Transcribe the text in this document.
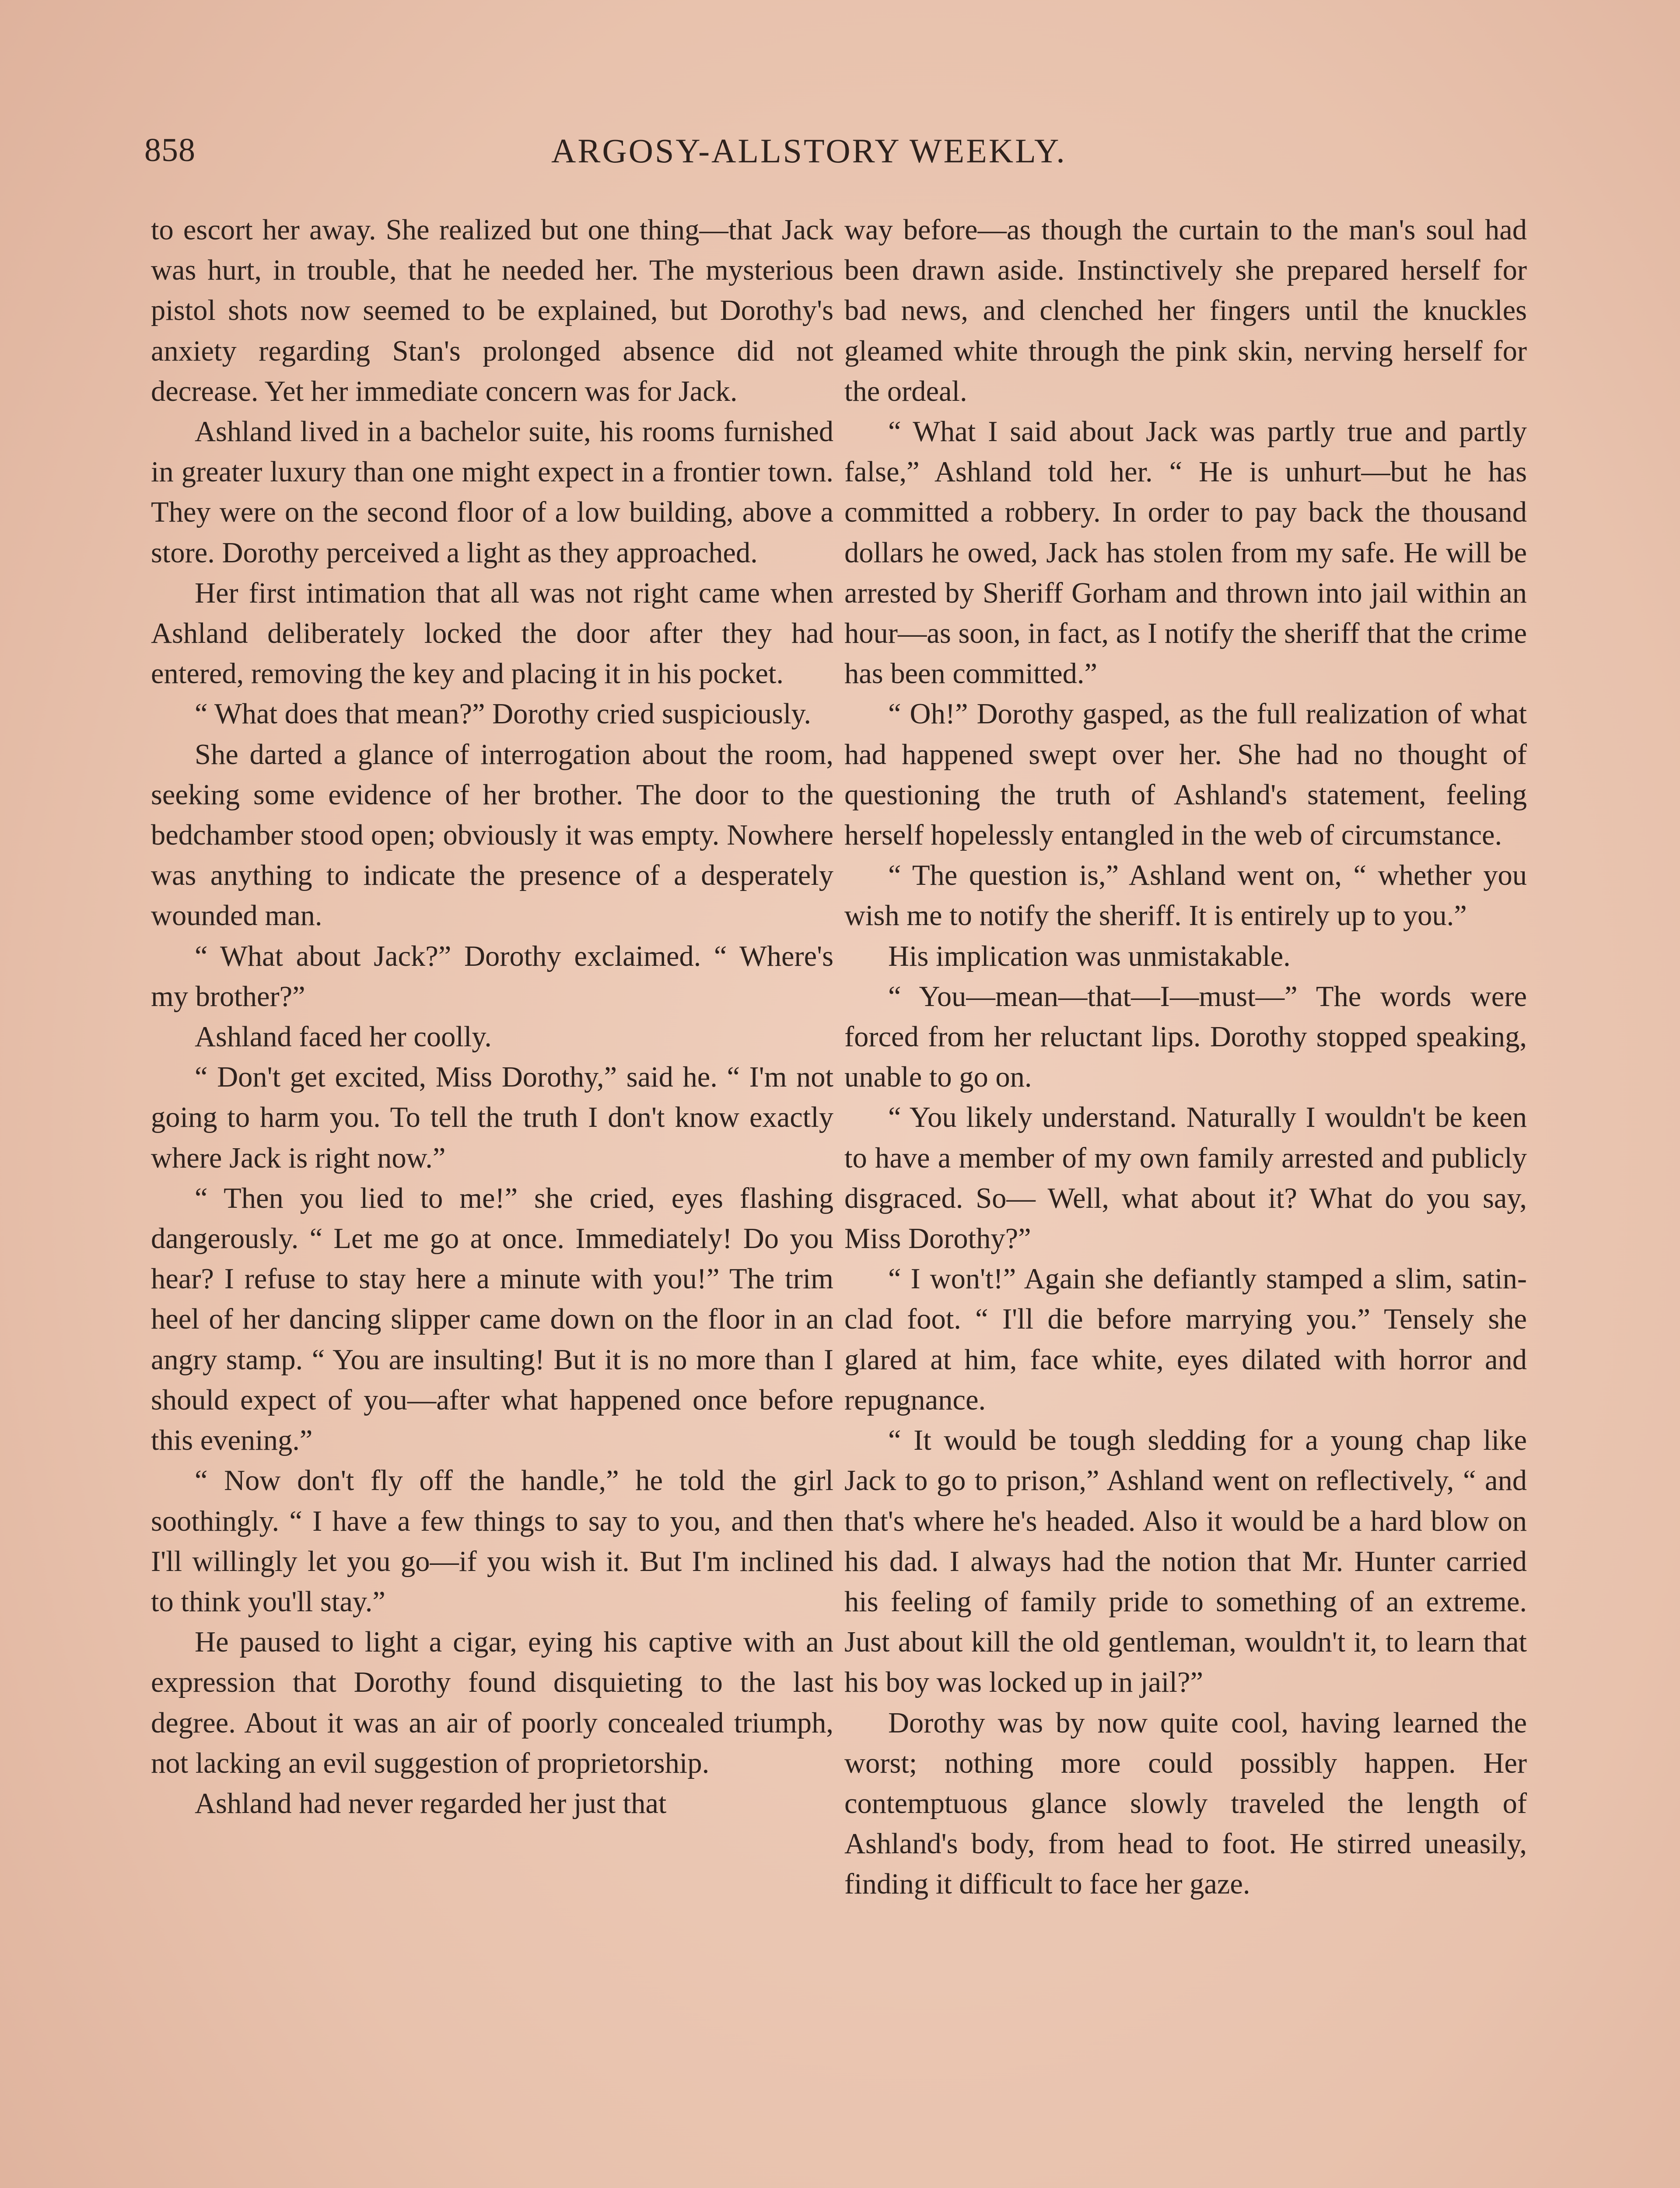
858	ARGOSY-ALLSTORY WEEKLY.

to escort her away. She realized but one thing—that Jack was hurt, in trouble, that he needed her. The mysterious pistol shots now seemed to be explained, but Dorothy's anxiety regarding Stan's prolonged absence did not decrease. Yet her immediate concern was for Jack.

Ashland lived in a bachelor suite, his rooms furnished in greater luxury than one might expect in a frontier town. They were on the second floor of a low building, above a store. Dorothy perceived a light as they approached.

Her first intimation that all was not right came when Ashland deliberately locked the door after they had entered, removing the key and placing it in his pocket.

“ What does that mean?” Dorothy cried suspiciously.

She darted a glance of interrogation about the room, seeking some evidence of her brother. The door to the bedchamber stood open; obviously it was empty. Nowhere was anything to indicate the presence of a desperately wounded man.

“ What about Jack?” Dorothy exclaimed. “ Where's my brother?”

Ashland faced her coolly.

“ Don't get excited, Miss Dorothy,” said he. “ I'm not going to harm you. To tell the truth I don't know exactly where Jack is right now.”

“ Then you lied to me!” she cried, eyes flashing dangerously. “ Let me go at once. Immediately! Do you hear? I refuse to stay here a minute with you!” The trim heel of her dancing slipper came down on the floor in an angry stamp. “ You are insulting! But it is no more than I should expect of you—after what happened once before this evening.”

“ Now don't fly off the handle,” he told the girl soothingly. “ I have a few things to say to you, and then I'll willingly let you go—if you wish it. But I'm inclined to think you'll stay.”

He paused to light a cigar, eying his captive with an expression that Dorothy found disquieting to the last degree. About it was an air of poorly concealed triumph, not lacking an evil suggestion of proprietorship.

Ashland had never regarded her just that

way before—as though the curtain to the man's soul had been drawn aside. Instinctively she prepared herself for bad news, and clenched her fingers until the knuckles gleamed white through the pink skin, nerving herself for the ordeal.

“ What I said about Jack was partly true and partly false,” Ashland told her. “ He is unhurt—but he has committed a robbery. In order to pay back the thousand dollars he owed, Jack has stolen from my safe. He will be arrested by Sheriff Gorham and thrown into jail within an hour—as soon, in fact, as I notify the sheriff that the crime has been committed.”

“ Oh!” Dorothy gasped, as the full realization of what had happened swept over her. She had no thought of questioning the truth of Ashland's statement, feeling herself hopelessly entangled in the web of circumstance.

“ The question is,” Ashland went on, “ whether you wish me to notify the sheriff. It is entirely up to you.”

His implication was unmistakable.

“ You—mean—that—I—must—” The words were forced from her reluctant lips. Dorothy stopped speaking, unable to go on.

“ You likely understand. Naturally I wouldn't be keen to have a member of my own family arrested and publicly disgraced. So— Well, what about it? What do you say, Miss Dorothy?”

“ I won't!” Again she defiantly stamped a slim, satin-clad foot. “ I'll die before marrying you.” Tensely she glared at him, face white, eyes dilated with horror and repugnance.

“ It would be tough sledding for a young chap like Jack to go to prison,” Ashland went on reflectively, “ and that's where he's headed. Also it would be a hard blow on his dad. I always had the notion that Mr. Hunter carried his feeling of family pride to something of an extreme. Just about kill the old gentleman, wouldn't it, to learn that his boy was locked up in jail?”

Dorothy was by now quite cool, having learned the worst; nothing more could possibly happen. Her contemptuous glance slowly traveled the length of Ashland's body, from head to foot. He stirred uneasily, finding it difficult to face her gaze.
